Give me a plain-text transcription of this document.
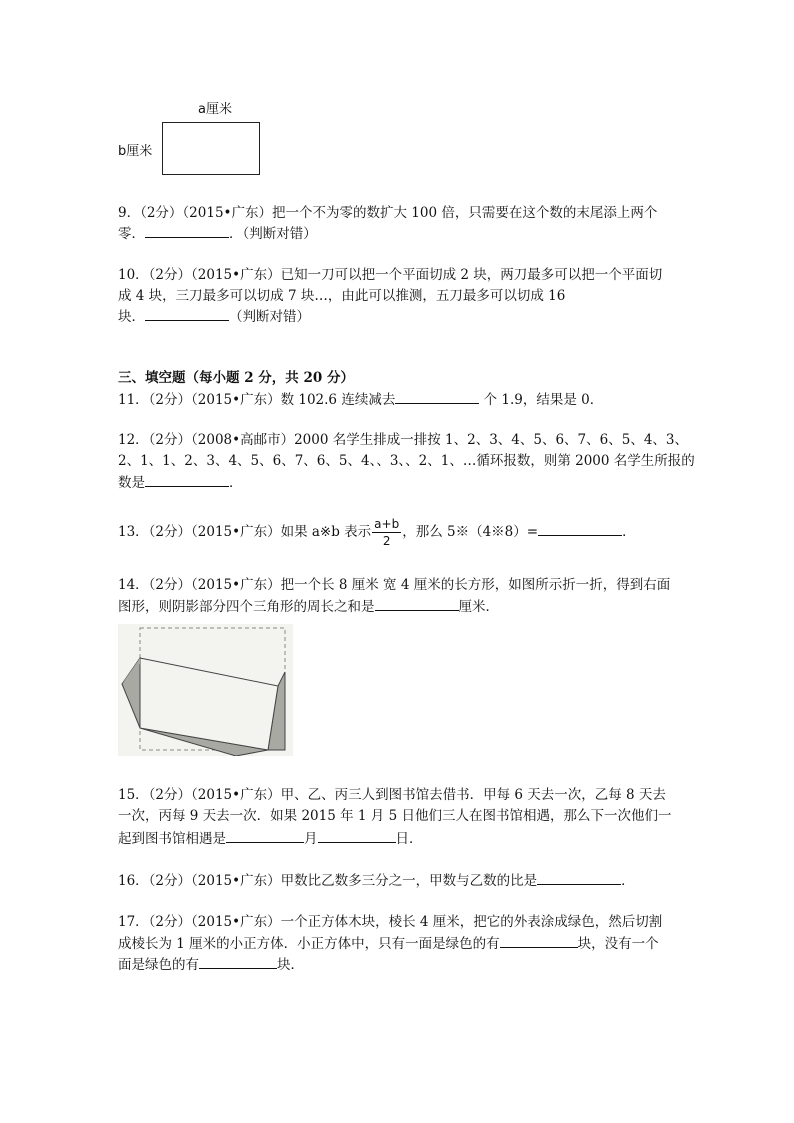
a厘米
b厘米
9．（2分）（2015•广东）把一个不为零的数扩大 100 倍，只需要在这个数的末尾添上两个
零．	．（判断对错）
10．（2分）（2015•广东）已知一刀可以把一个平面切成 2 块，两刀最多可以把一个平面切
成 4 块，三刀最多可以切成 7 块…，由此可以推测，五刀最多可以切成 16
块．	（判断对错）
三、填空题（每小题 2 分，共 20 分）
11．（2分）（2015•广东）数 102.6 连续减去	个 1.9，结果是 0．
12．（2分）（2008•高邮市）2000 名学生排成一排按 1、2、3、4、5、6、7、6、5、4、3、
2、1、1、2、3、4、5、6、7、6、5、4、、3、、2、1、…循环报数，则第 2000 名学生所报的
数是	．
13．（2分）（2015•广东）如果 a※b 表示 $\frac{a+b}{2}$ ，那么 5※（4※8）=	．
14．（2分）（2015•广东）把一个长 8 厘米 宽 4 厘米的长方形，如图所示折一折，得到右面
图形，则阴影部分四个三角形的周长之和是	厘米．
15．（2分）（2015•广东）甲、乙、丙三人到图书馆去借书．甲每 6 天去一次，乙每 8 天去
一次，丙每 9 天去一次．如果 2015 年 1 月 5 日他们三人在图书馆相遇，那么下一次他们一
起到图书馆相遇是	月	日．
16．（2分）（2015•广东）甲数比乙数多三分之一，甲数与乙数的比是	．
17．（2分）（2015•广东）一个正方体木块，棱长 4 厘米，把它的外表涂成绿色，然后切割
成棱长为 1 厘米的小正方体．小正方体中，只有一面是绿色的有	块，没有一个
面是绿色的有	块．
